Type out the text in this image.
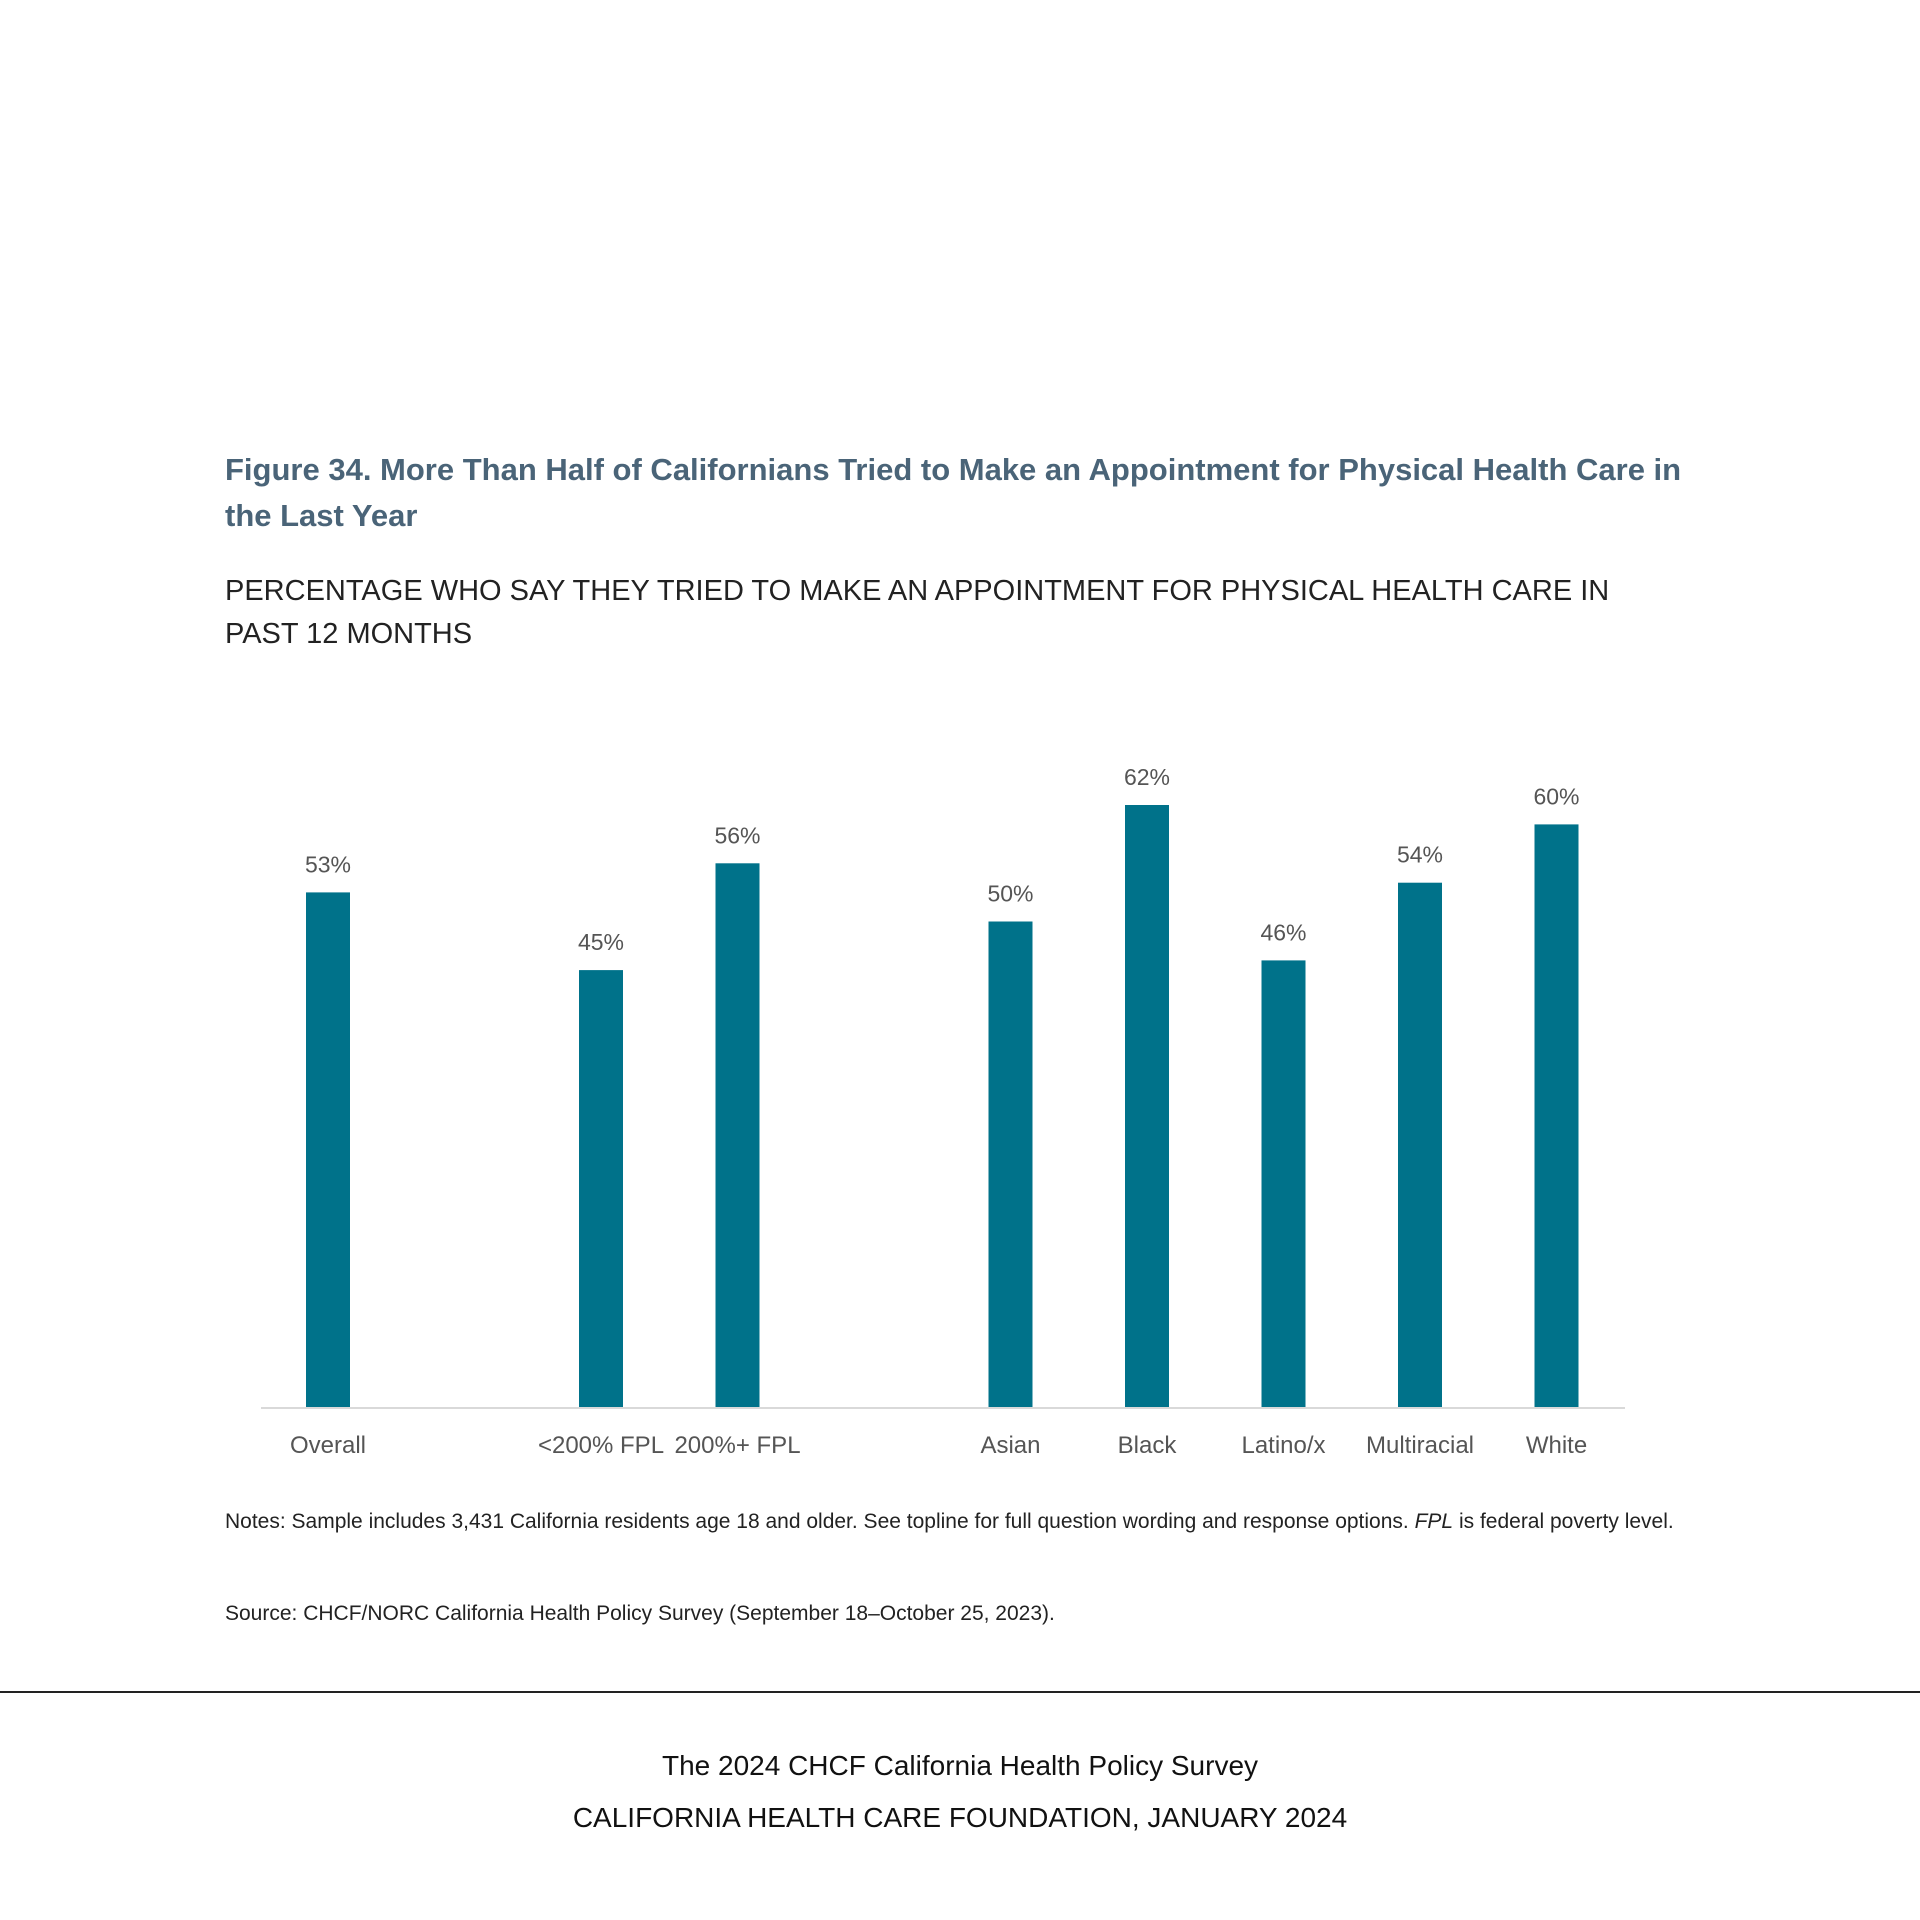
Figure 34. More Than Half of Californians Tried to Make an Appointment for Physical Health Care in the Last Year

PERCENTAGE WHO SAY THEY TRIED TO MAKE AN APPOINTMENT FOR PHYSICAL HEALTH CARE IN PAST 12 MONTHS

53%
Overall
45%
<200% FPL
56%
200%+ FPL
50%
Asian
62%
Black
46%
Latino/x
54%
Multiracial
60%
White

Notes: Sample includes 3,431 California residents age 18 and older. See topline for full question wording and response options. FPL is federal poverty level.

Source: CHCF/NORC California Health Policy Survey (September 18–October 25, 2023).

The 2024 CHCF California Health Policy Survey

CALIFORNIA HEALTH CARE FOUNDATION, JANUARY 2024
